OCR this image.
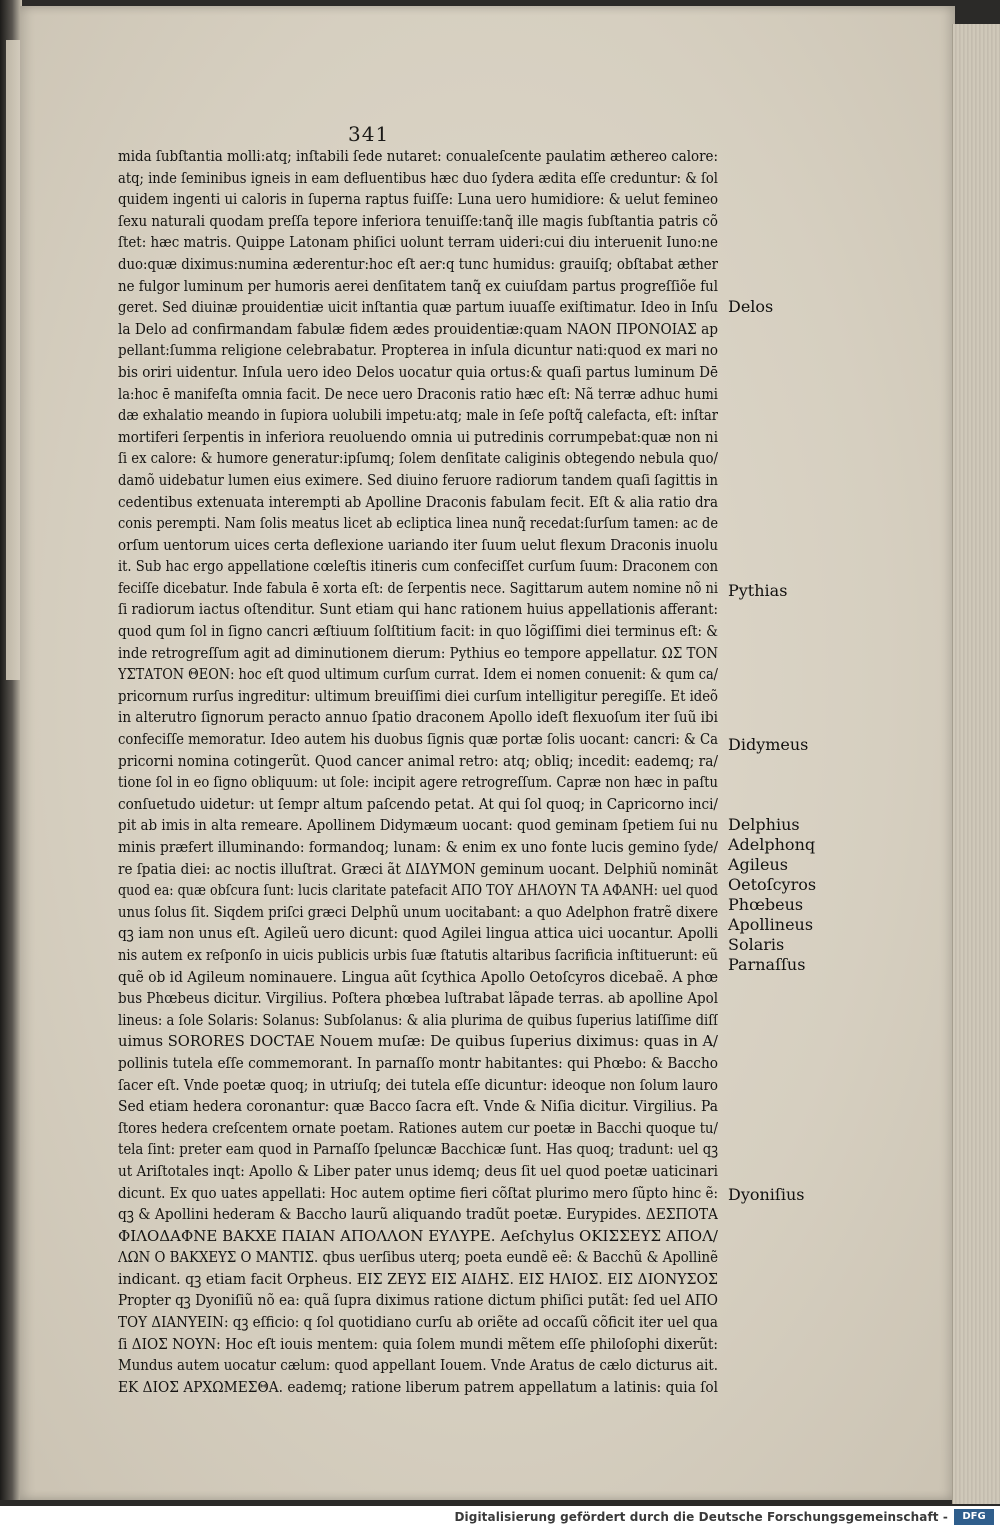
341
mida ſubſtantia molli:atq; inſtabili ſede nutaret: conualeſcente paulatim æthereo calore:
atq; inde ſeminibus igneis in eam defluentibus hæc duo ſydera ædita eſſe creduntur: & ſol
quidem ingenti ui caloris in ſuperna raptus fuiſſe: Luna uero humidiore: & uelut femineo
ſexu naturali quodam preſſa tepore inferiora tenuiſſe:tanq̃ ille magis ſubſtantia patris cõ
ſtet: hæc matris. Quippe Latonam phiſici uolunt terram uideri:cui diu interuenit Iuno:ne
duo:quæ diximus:numina æderentur:hoc eſt aer:q tunc humidus: grauiſq; obſtabat æther
ne fulgor luminum per humoris aerei denſitatem tanq̃ ex cuiuſdam partus progreſſiõe ful
geret. Sed diuinæ prouidentiæ uicit inſtantia quæ partum iuuaſſe exiſtimatur. Ideo in Inſu
la Delo ad confirmandam fabulæ fidem ædes prouidentiæ:quam ΝΑΟΝ ΠΡΟΝΟΙΑΣ ap
pellant:ſumma religione celebrabatur. Propterea in inſula dicuntur nati:quod ex mari no
bis oriri uidentur. Inſula uero ideo Delos uocatur quia ortus:& quaſi partus luminum Dē
la:hoc ē manifeſta omnia facit. De nece uero Draconis ratio hæc eſt: Nã terræ adhuc humi
dæ exhalatio meando in ſupiora uolubili impetu:atq; male in ſeſe poſtq̃ calefacta, eſt: inſtar
mortiferi ſerpentis in inferiora reuoluendo omnia ui putredinis corrumpebat:quæ non ni
ſi ex calore: & humore generatur:ipſumq; ſolem denſitate caliginis obtegendo nebula quo/
damõ uidebatur lumen eius eximere. Sed diuino feruore radiorum tandem quaſi ſagittis in
cedentibus extenuata interempti ab Apolline Draconis fabulam fecit. Eſt & alia ratio dra
conis perempti. Nam ſolis meatus licet ab ecliptica linea nunq̃ recedat:ſurſum tamen: ac de
orſum uentorum uices certa deflexione uariando iter ſuum uelut flexum Draconis inuolu
it. Sub hac ergo appellatione cœleſtis itineris cum confeciſſet curſum ſuum: Draconem con
feciſſe dicebatur. Inde fabula ē xorta eſt: de ſerpentis nece. Sagittarum autem nomine nõ ni
ſi radiorum iactus oſtenditur. Sunt etiam qui hanc rationem huius appellationis afferant:
quod qum ſol in ſigno cancri æſtiuum ſolſtitium facit: in quo lõgiſſimi diei terminus eſt: &
inde retrogreſſum agit ad diminutionem dierum: Pythius eo tempore appellatur. ΩΣ ΤΟΝ
ΥΣΤΑΤΟΝ ΘΕΟΝ: hoc eſt quod ultimum curſum currat. Idem ei nomen conuenit: & qum ca/
pricornum rurſus ingreditur: ultimum breuiſſimi diei curſum intelligitur peregiſſe. Et ideõ
in alterutro ſignorum peracto annuo ſpatio draconem Apollo ideſt flexuoſum iter ſuũ ibi
confeciſſe memoratur. Ideo autem his duobus ſignis quæ portæ ſolis uocant: cancri: & Ca
pricorni nomina cotingerũt. Quod cancer animal retro: atq; obliq; incedit: eademq; ra/
tione ſol in eo ſigno obliquum: ut ſole: incipit agere retrogreſſum. Capræ non hæc in paſtu
conſuetudo uidetur: ut ſempr altum paſcendo petat. At qui ſol quoq; in Capricorno inci/
pit ab imis in alta remeare. Apollinem Didymæum uocant: quod geminam ſpetiem ſui nu
minis præfert illuminando: formandoq; lunam: & enim ex uno fonte lucis gemino ſyde/
re ſpatia diei: ac noctis illuſtrat. Græci ãt ΔΙΔΥΜΟΝ geminum uocant. Delphiũ nominãt
quod ea: quæ obſcura ſunt: lucis claritate patefacit ΑΠΟ ΤΟΥ ΔΗΛΟΥΝ ΤΑ ΑΦΑΝΗ: uel quod
unus ſolus ſit. Siqdem priſci græci Delphũ unum uocitabant: a quo Adelphon fratrẽ dixere
qꝫ iam non unus eſt. Agileũ uero dicunt: quod Agilei lingua attica uici uocantur. Apolli
nis autem ex reſponſo in uicis publicis urbis ſuæ ſtatutis altaribus ſacrificia inſtituerunt: eũ
quẽ ob id Agileum nominauere. Lingua aũt ſcythica Apollo Oetoſcyros dicebaẽ. A phœ
bus Phœbeus dicitur. Virgilius. Poſtera phœbea luſtrabat lãpade terras. ab apolline Apol
lineus: a ſole Solaris: Solanus: Subſolanus: & alia plurima de quibus ſuperius latiſſime diſſ
uimus SORORES DOCTAE Nouem muſæ: De quibus ſuperius diximus: quas in A/
pollinis tutela eſſe commemorant. In parnaſſo montr habitantes: qui Phœbo: & Baccho
ſacer eſt. Vnde poetæ quoq; in utriuſq; dei tutela eſſe dicuntur: ideoque non ſolum lauro
Sed etiam hedera coronantur: quæ Bacco ſacra eſt. Vnde & Niſia dicitur. Virgilius. Pa
ſtores hedera creſcentem ornate poetam. Rationes autem cur poetæ in Bacchi quoque tu/
tela ſint: preter eam quod in Parnaſſo ſpeluncæ Bacchicæ ſunt. Has quoq; tradunt: uel qꝫ
ut Ariſtotales inqt: Apollo & Liber pater unus idemq; deus ſit uel quod poetæ uaticinari
dicunt. Ex quo uates appellati: Hoc autem optime fieri cõſtat plurimo mero ſũpto hinc ẽ:
qꝫ & Apollini hederam & Baccho laurũ aliquando tradũt poetæ. Eurypides. ΔΕΣΠΟΤΑ
ΦΙΛΟΔΑΦΝΕ ΒΑΚΧΕ ΠΑΙΑΝ ΑΠΟΛΛΟΝ ΕΥΛΥΡΕ. Aeſchylus ΟΚΙΣΣΕΥΣ ΑΠΟΛ/
ΛΩΝ Ο ΒΑΚΧΕΥΣ Ο ΜΑΝΤΙΣ. qbus uerſibus uterq; poeta eundẽ eẽ: & Bacchũ & Apollinẽ
indicant. qꝫ etiam facit Orpheus. ΕΙΣ ΖΕΥΣ ΕΙΣ ΑΙΔΗΣ. ΕΙΣ ΗΛΙΟΣ. ΕΙΣ ΔΙΟΝΥΣΟΣ
Propter qꝫ Dyoniſiũ nõ ea: quã ſupra diximus ratione dictum phiſici putãt: ſed uel ΑΠΟ
ΤΟΥ ΔΙΑΝΥΕΙΝ: qꝫ eſficio: q ſol quotidiano curſu ab oriẽte ad occaſũ cõficit iter uel qua
ſi ΔΙΟΣ ΝΟΥΝ: Hoc eſt iouis mentem: quia ſolem mundi mẽtem eſſe philoſophi dixerũt:
Mundus autem uocatur cælum: quod appellant Iouem. Vnde Aratus de cælo dicturus ait.
ΕΚ ΔΙΟΣ ΑΡΧΩΜΕΣΘΑ. eademq; ratione liberum patrem appellatum a latinis: quia ſol
Delos
Pythias
Didymeus
Delphius
Adelphonq
Agileus
Oetoſcyros
Phœbeus
Apollineus
Solaris
Parnaſſus
Dyoniſius
Digitalisierung gefördert durch die Deutsche Forschungsgemeinschaft -	DFG
